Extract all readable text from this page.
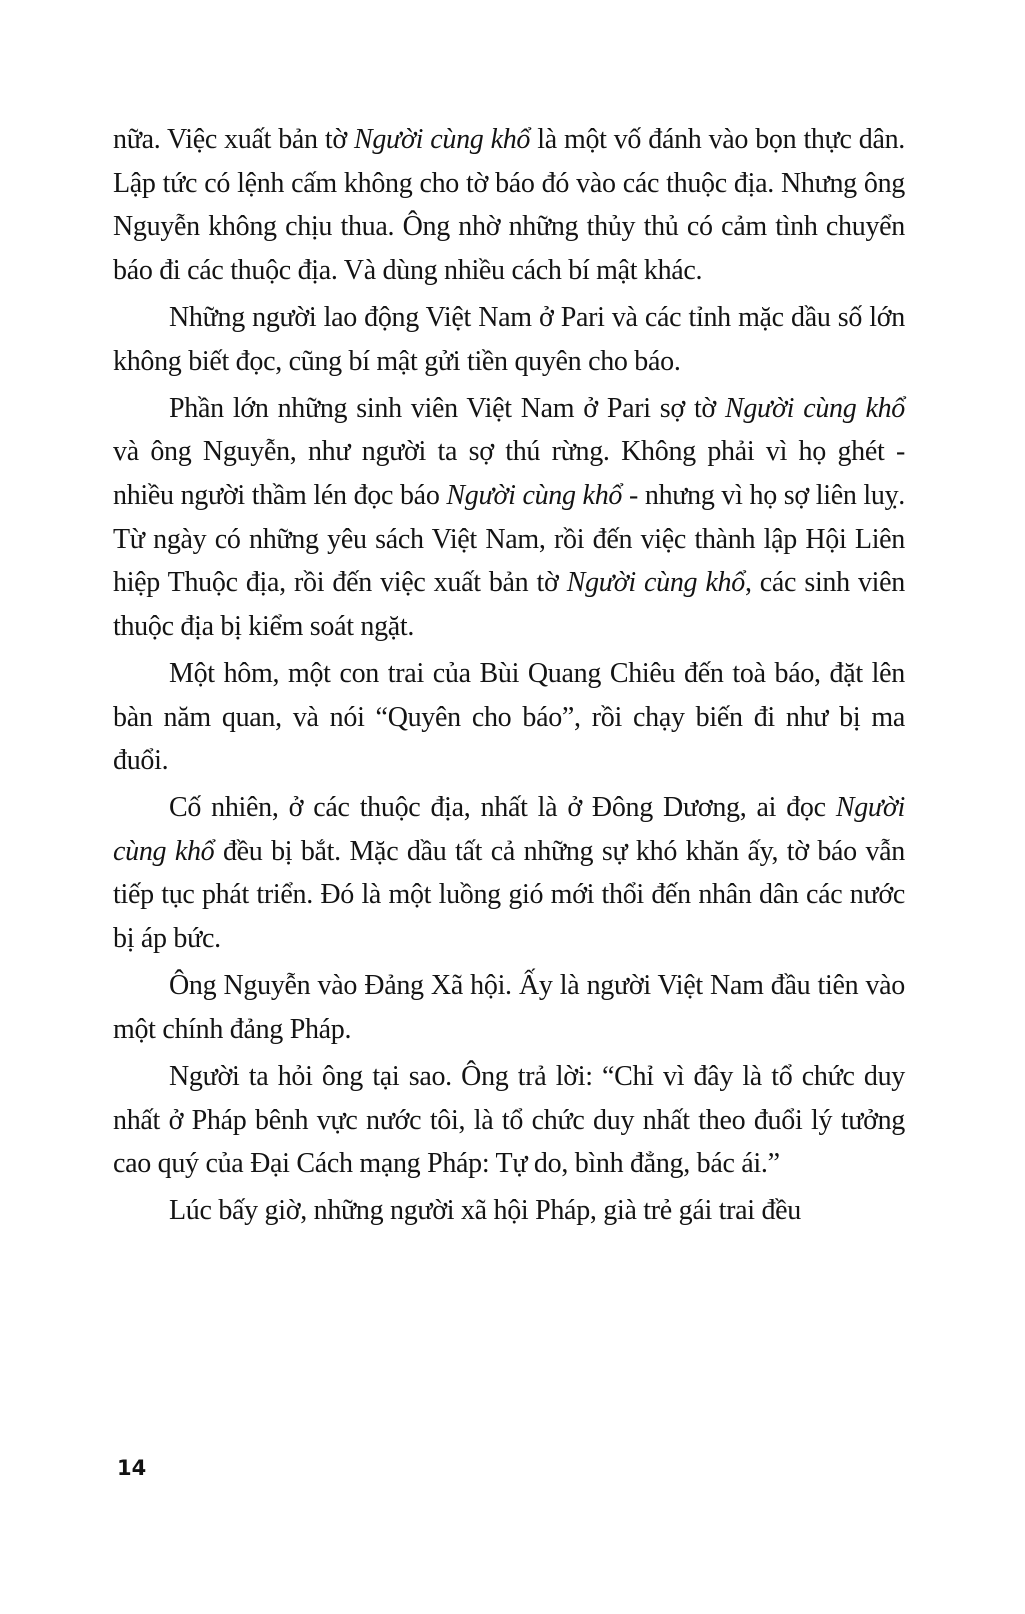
nữa. Việc xuất bản tờ Người cùng khổ là một vố đánh vào bọn thực dân. Lập tức có lệnh cấm không cho tờ báo đó vào các thuộc địa. Nhưng ông Nguyễn không chịu thua. Ông nhờ những thủy thủ có cảm tình chuyển báo đi các thuộc địa. Và dùng nhiều cách bí mật khác.

Những người lao động Việt Nam ở Pari và các tỉnh mặc dầu số lớn không biết đọc, cũng bí mật gửi tiền quyên cho báo.

Phần lớn những sinh viên Việt Nam ở Pari sợ tờ Người cùng khổ và ông Nguyễn, như người ta sợ thú rừng. Không phải vì họ ghét - nhiều người thầm lén đọc báo Người cùng khổ - nhưng vì họ sợ liên luỵ. Từ ngày có những yêu sách Việt Nam, rồi đến việc thành lập Hội Liên hiệp Thuộc địa, rồi đến việc xuất bản tờ Người cùng khổ, các sinh viên thuộc địa bị kiểm soát ngặt.

Một hôm, một con trai của Bùi Quang Chiêu đến toà báo, đặt lên bàn năm quan, và nói “Quyên cho báo”, rồi chạy biến đi như bị ma đuổi.

Cố nhiên, ở các thuộc địa, nhất là ở Đông Dương, ai đọc Người cùng khổ đều bị bắt. Mặc dầu tất cả những sự khó khăn ấy, tờ báo vẫn tiếp tục phát triển. Đó là một luồng gió mới thổi đến nhân dân các nước bị áp bức.

Ông Nguyễn vào Đảng Xã hội. Ấy là người Việt Nam đầu tiên vào một chính đảng Pháp.

Người ta hỏi ông tại sao. Ông trả lời: “Chỉ vì đây là tổ chức duy nhất ở Pháp bênh vực nước tôi, là tổ chức duy nhất theo đuổi lý tưởng cao quý của Đại Cách mạng Pháp: Tự do, bình đẳng, bác ái.”

Lúc bấy giờ, những người xã hội Pháp, già trẻ gái trai đều

14
